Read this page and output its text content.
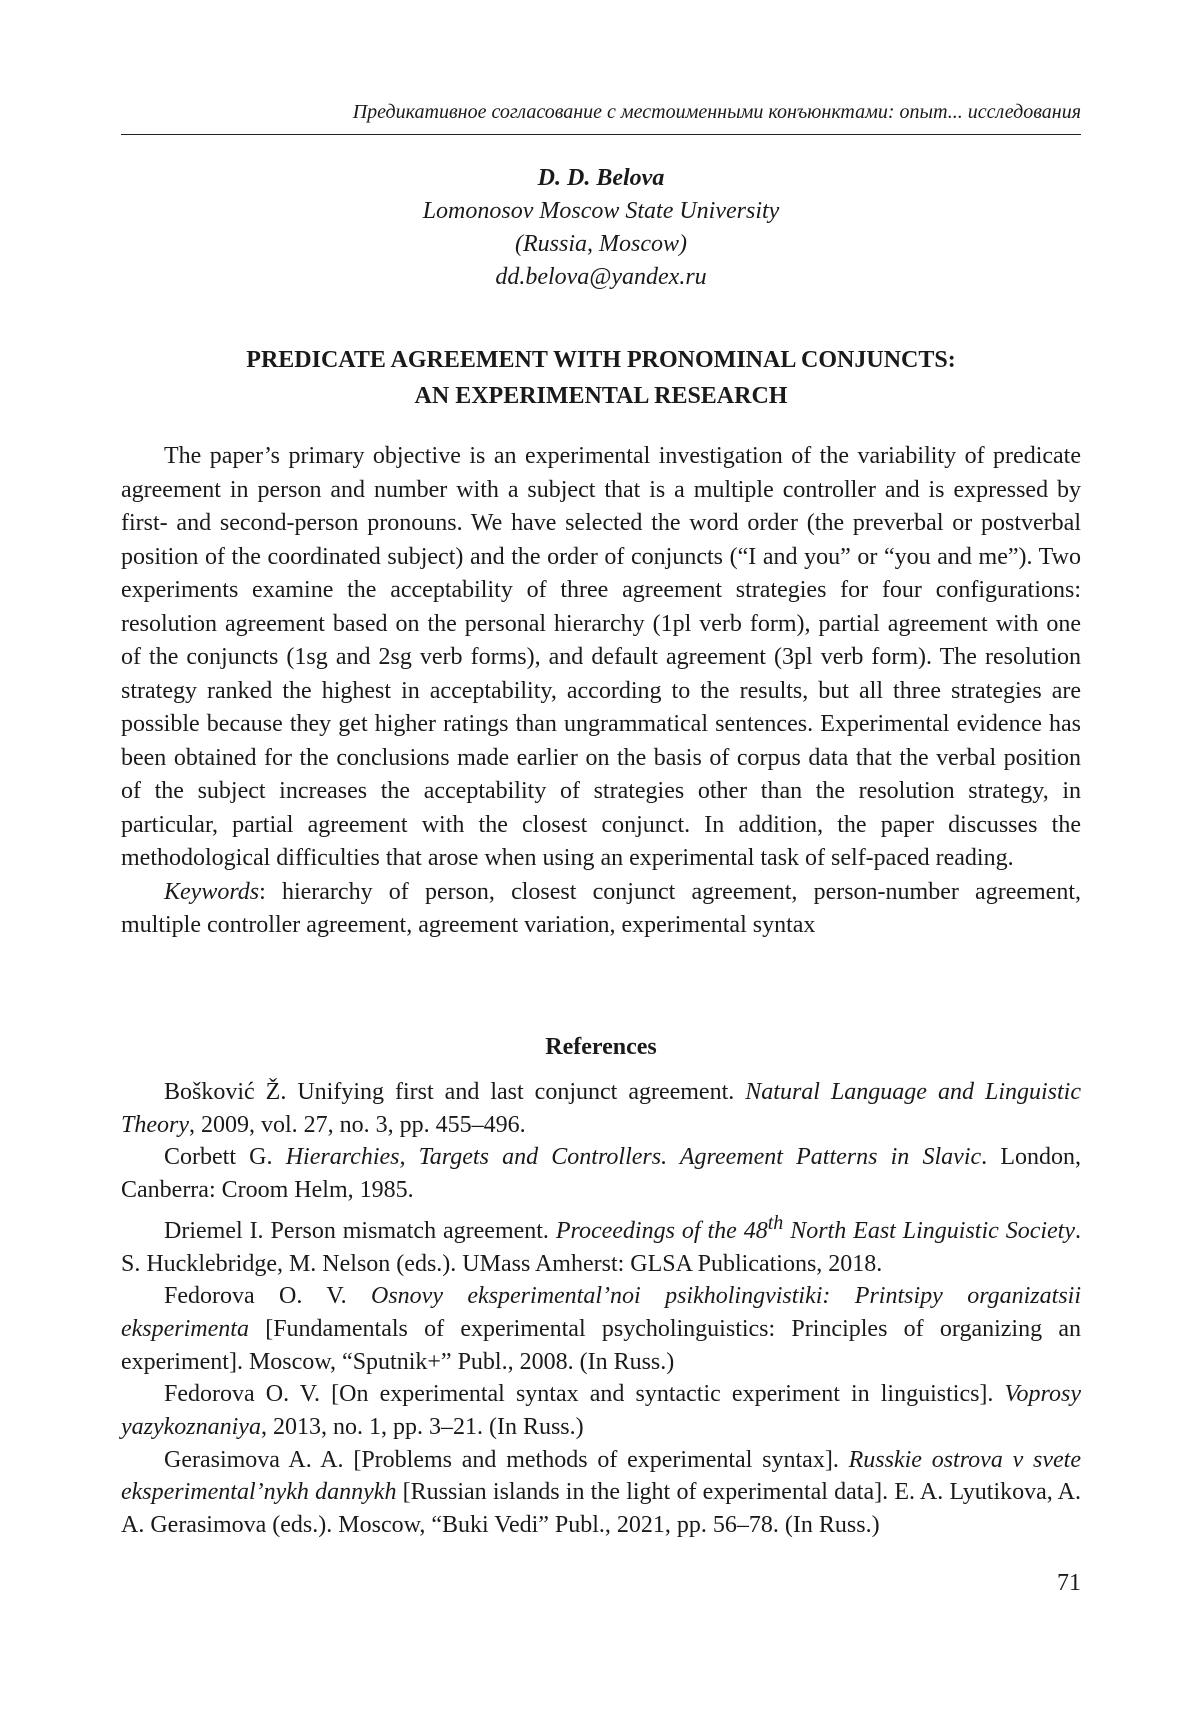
Предикативное согласование с местоименными конъюнктами: опыт... исследования
D. D. Belova
Lomonosov Moscow State University
(Russia, Moscow)
dd.belova@yandex.ru
PREDICATE AGREEMENT WITH PRONOMINAL CONJUNCTS:
AN EXPERIMENTAL RESEARCH

The paper’s primary objective is an experimental investigation of the variability of predicate agreement in person and number with a subject that is a multiple controller and is expressed by first- and second-person pronouns. We have selected the word order (the preverbal or postverbal position of the coordinated subject) and the order of conjuncts (“I and you” or “you and me”). Two experiments examine the acceptability of three agreement strategies for four configurations: resolution agreement based on the personal hierarchy (1pl verb form), partial agreement with one of the conjuncts (1sg and 2sg verb forms), and default agreement (3pl verb form). The resolution strategy ranked the highest in acceptability, according to the results, but all three strategies are possible because they get higher ratings than ungrammatical sentences. Experimental evidence has been obtained for the conclusions made earlier on the basis of corpus data that the verbal position of the subject increases the acceptability of strategies other than the resolution strategy, in particular, partial agreement with the closest conjunct. In addition, the paper discusses the methodological difficulties that arose when using an experimental task of self-paced reading.

Keywords: hierarchy of person, closest conjunct agreement, person-number agreement, multiple controller agreement, agreement variation, experimental syntax

References

Bošković Ž. Unifying first and last conjunct agreement. Natural Language and Linguistic Theory, 2009, vol. 27, no. 3, pp. 455–496.

Corbett G. Hierarchies, Targets and Controllers. Agreement Patterns in Slavic. London, Canberra: Croom Helm, 1985.

Driemel I. Person mismatch agreement. Proceedings of the 48th North East Linguistic Society. S. Hucklebridge, M. Nelson (eds.). UMass Amherst: GLSA Publications, 2018.

Fedorova O. V. Osnovy eksperimental’noi psikholingvistiki: Printsipy organizatsii eksperimenta [Fundamentals of experimental psycholinguistics: Principles of organizing an experiment]. Moscow, “Sputnik+” Publ., 2008. (In Russ.)

Fedorova O. V. [On experimental syntax and syntactic experiment in linguistics]. Voprosy yazykoznaniya, 2013, no. 1, pp. 3–21. (In Russ.)

Gerasimova A. A. [Problems and methods of experimental syntax]. Russkie ostrova v svete eksperimental’nykh dannykh [Russian islands in the light of experimental data]. E. A. Lyutikova, A. A. Gerasimova (eds.). Moscow, “Buki Vedi” Publ., 2021, pp. 56–78. (In Russ.)

71
